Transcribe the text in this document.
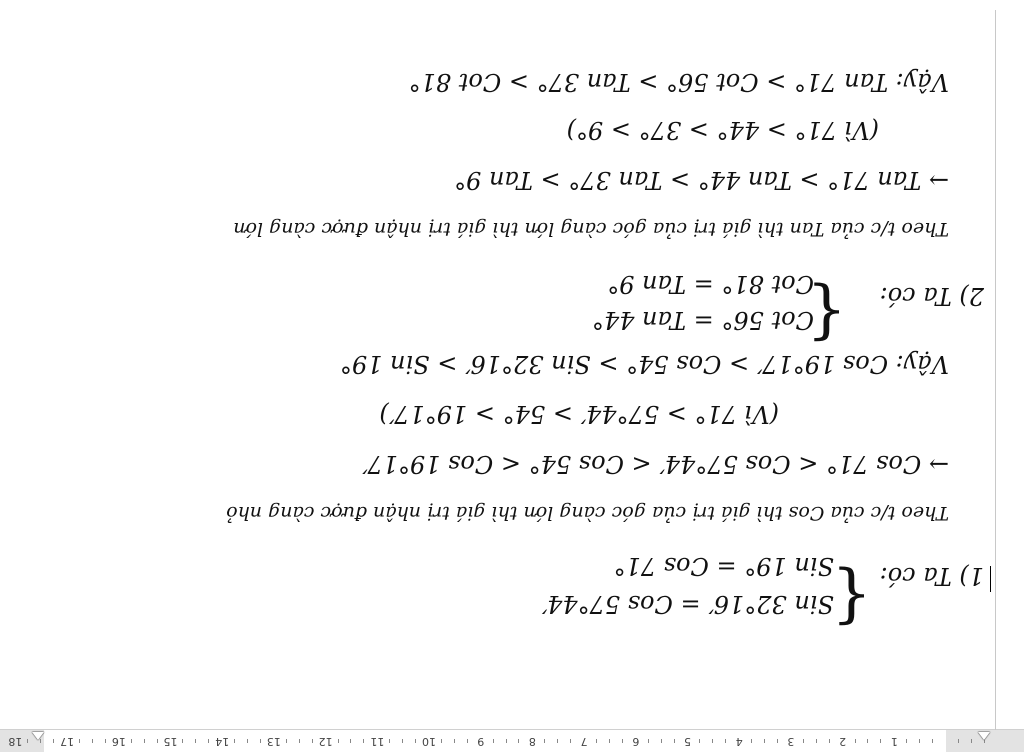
1
2
3
4
5
6
7
8
9
10
11
12
13
14
15
16
17
18
1) Ta có:
{
Sin 32°16′ = Cos 57°44′
Sin 19° = Cos 71°
Theo t/c của Cos thì giá trị của góc càng lớn thì giá trị nhận được càng nhỏ
→ Cos 71° < Cos 57°44′ < Cos 54° < Cos 19°17′
(Vì 71° > 57°44′ > 54° > 19°17′)
Vậy: Cos 19°17′ > Cos 54° > Sin 32°16′ > Sin 19°
2) Ta có:
{
Cot 56° = Tan 44°
Cot 81° = Tan 9°
Theo t/c của Tan thì giá trị của góc càng lớn thì giá trị nhận được càng lớn
→ Tan 71° > Tan 44° > Tan 37° > Tan 9°
(Vì 71° > 44° > 37° > 9°)
Vậy: Tan 71° > Cot 56° > Tan 37° > Cot 81°
